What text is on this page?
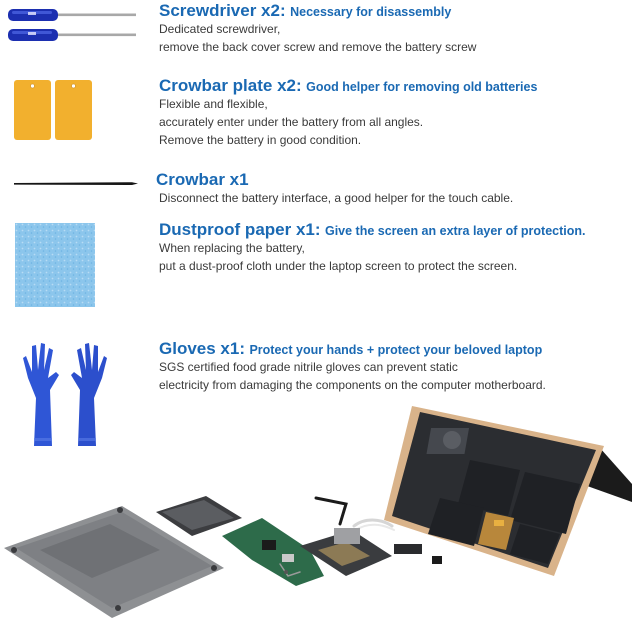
Screwdriver x2: Necessary for disassembly
Dedicated screwdriver,
remove the back cover screw and remove the battery screw
Crowbar plate x2: Good helper for removing old batteries
Flexible and flexible,
accurately enter under the battery from all angles.
Remove the battery in good condition.
Crowbar x1
Disconnect the battery interface, a good helper for the touch cable.
Dustproof paper x1: Give the screen an extra layer of protection.
When replacing the battery,
put a dust-proof cloth under the laptop screen to protect the screen.
Gloves x1: Protect your hands + protect your beloved laptop
SGS certified food grade nitrile gloves can prevent static
electricity from damaging the components on the computer motherboard.
